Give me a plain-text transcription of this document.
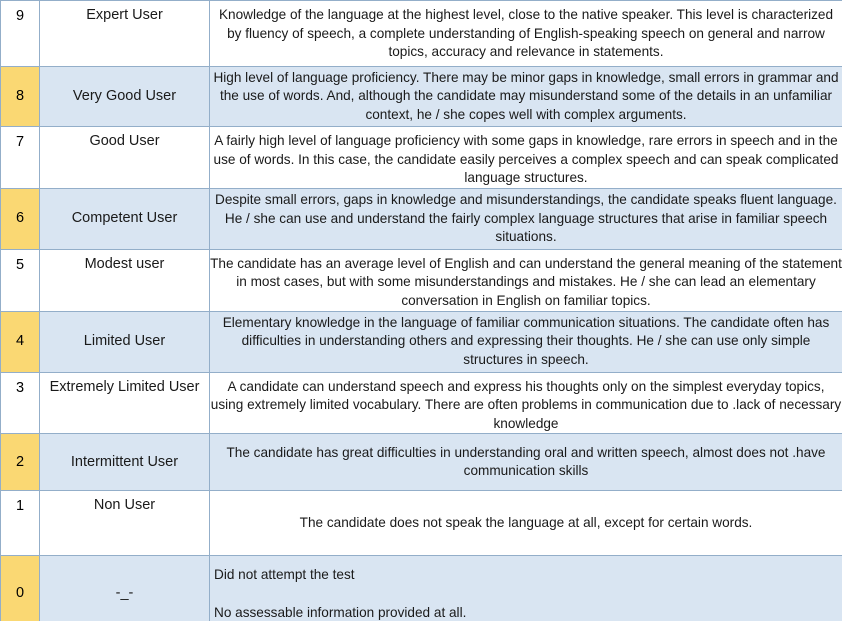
9	Expert User	Knowledge of the language at the highest level, close to the native speaker. This level is characterized by fluency of speech, a complete understanding of English-speaking speech on general and narrow topics, accuracy and relevance in statements.
8	Very Good User	High level of language proficiency. There may be minor gaps in knowledge, small errors in grammar and the use of words. And, although the candidate may misunderstand some of the details in an unfamiliar context, he / she copes well with complex arguments.
7	Good User	A fairly high level of language proficiency with some gaps in knowledge, rare errors in speech and in the use of words. In this case, the candidate easily perceives a complex speech and can speak complicated language structures.
6	Competent User	Despite small errors, gaps in knowledge and misunderstandings, the candidate speaks fluent language. He / she can use and understand the fairly complex language structures that arise in familiar speech situations.
5	Modest user	The candidate has an average level of English and can understand the general meaning of the statement in most cases, but with some misunderstandings and mistakes. He / she can lead an elementary conversation in English on familiar topics.
4	Limited User	Elementary knowledge in the language of familiar communication situations. The candidate often has difficulties in understanding others and expressing their thoughts. He / she can use only simple structures in speech.
3	Extremely Limited User	A candidate can understand speech and express his thoughts only on the simplest everyday topics, using extremely limited vocabulary. There are often problems in communication due to .lack of necessary knowledge
2	Intermittent User	The candidate has great difficulties in understanding oral and written speech, almost does not .have communication skills
1	Non User	The candidate does not speak the language at all, except for certain words.
0	-_-	Did not attempt the test

No assessable information provided at all.
